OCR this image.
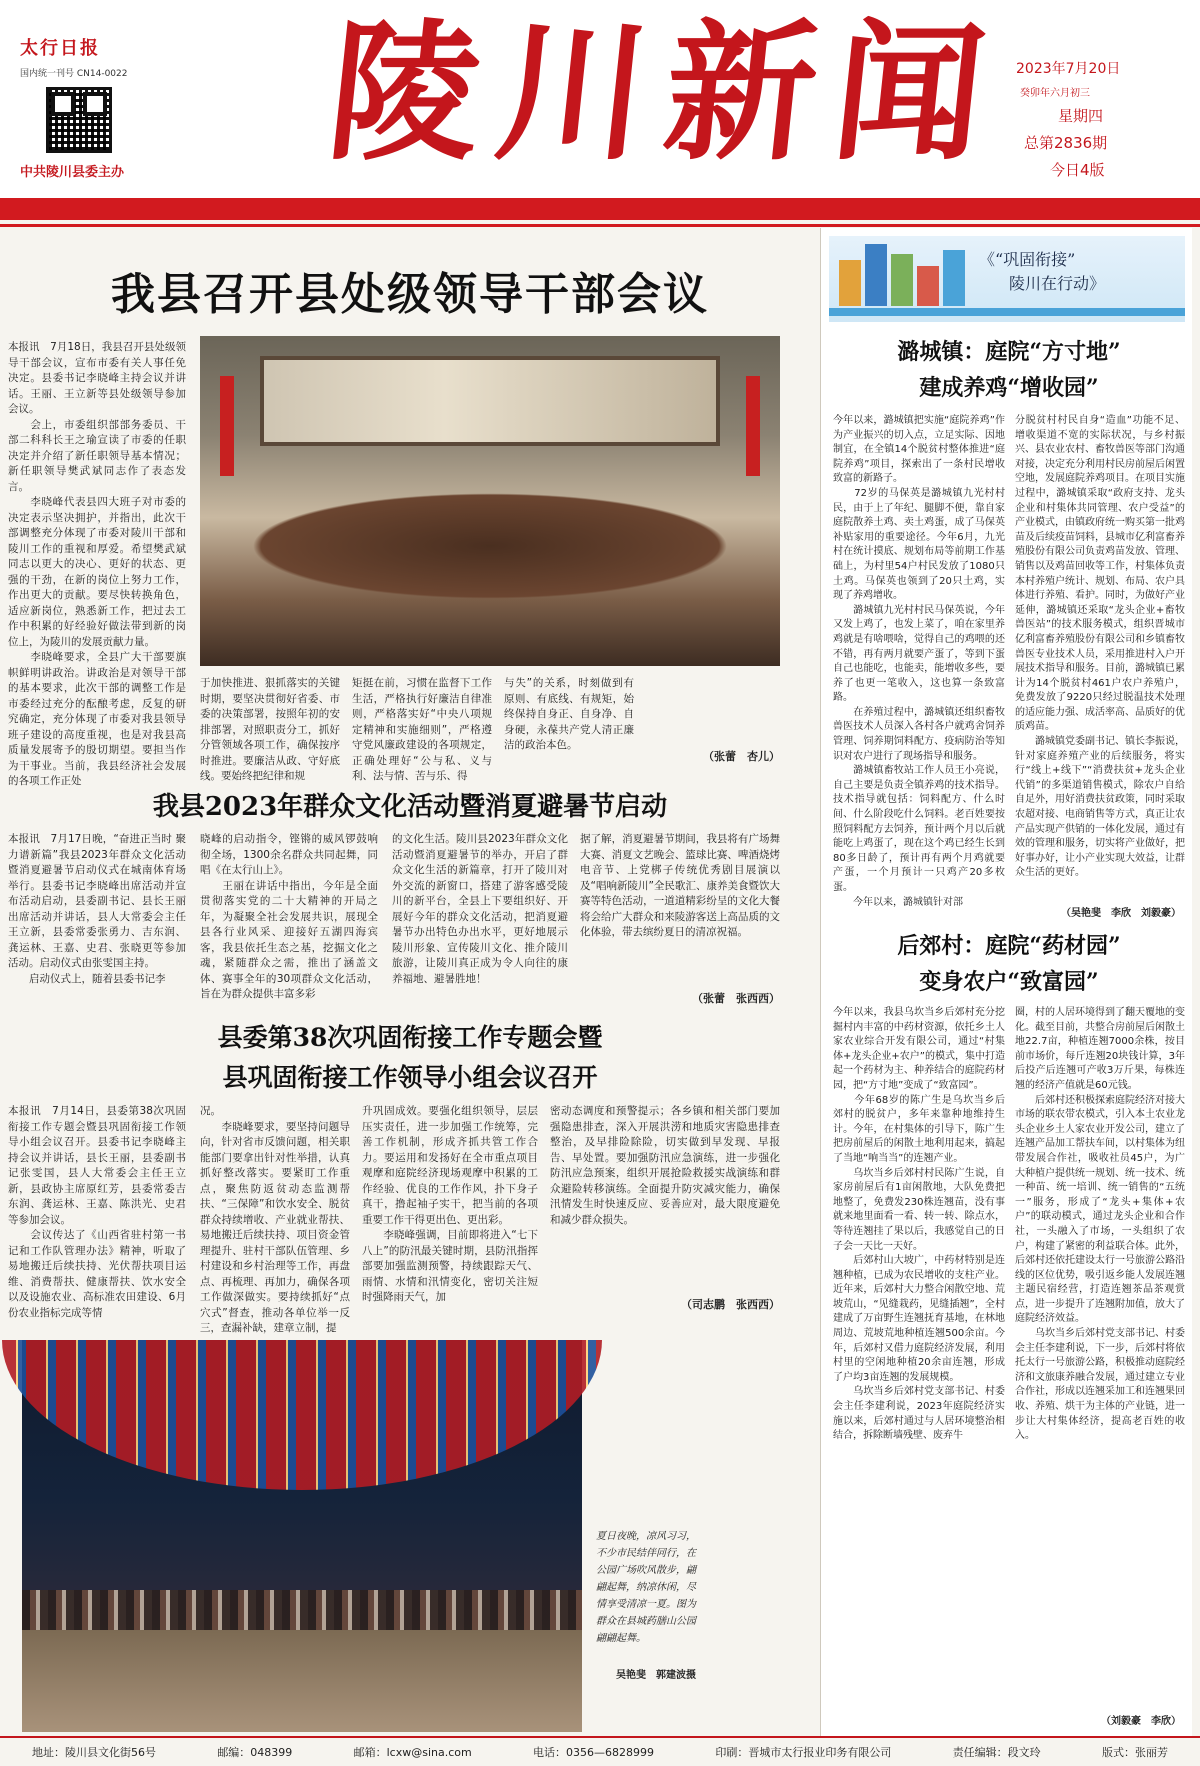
太行日报
国内统一刊号 CN14-0022
中共陵川县委主办 陵川新闻 2023年7月20日
癸卯年六月初三
星期四
总第2836期
今日4版
我县召开县处级领导干部会议
本报讯　7月18日，我县召开县处级领导干部会议，宣布市委有关人事任免决定。县委书记李晓峰主持会议并讲话。王丽、王立新等县处级领导参加会议。
　　会上，市委组织部部务委员、干部二科科长王之瑜宣读了市委的任职决定并介绍了新任职领导基本情况；新任职领导樊武斌同志作了表态发言。
　　李晓峰代表县四大班子对市委的决定表示坚决拥护，并指出，此次干部调整充分体现了市委对陵川干部和陵川工作的重视和厚爱。希望樊武斌同志以更大的决心、更好的状态、更强的干劲，在新的岗位上努力工作，作出更大的贡献。要尽快转换角色，适应新岗位，熟悉新工作，把过去工作中积累的好经验好做法带到新的岗位上，为陵川的发展贡献力量。
　　李晓峰要求，全县广大干部要旗帜鲜明讲政治。讲政治是对领导干部的基本要求，此次干部的调整工作是市委经过充分的酝酿考虑，反复的研究确定，充分体现了市委对我县领导班子建设的高度重视，也是对我县高质量发展寄予的殷切期望。要担当作为干事业。当前，我县经济社会发展的各项工作正处
于加快推进、狠抓落实的关键时期，要坚决贯彻好省委、市委的决策部署，按照年初的安排部署，对照职责分工，抓好分管领域各项工作，确保按序时推进。要廉洁从政、守好底线。要始终把纪律和规
矩挺在前，习惯在监督下工作生活，严格执行好廉洁自律准则，严格落实好“中央八项规定精神和实施细则”，严格遵守党风廉政建设的各项规定，正确处理好“公与私、义与利、法与情、苦与乐、得
与失”的关系，时刻做到有原则、有底线、有规矩，始终保持自身正、自身净、自身硬，永葆共产党人清正廉洁的政治本色。
（张蕾　杏儿）
我县2023年群众文化活动暨消夏避暑节启动
本报讯　7月17日晚，“奋进正当时 聚力谱新篇”我县2023年群众文化活动暨消夏避暑节启动仪式在城南体育场举行。县委书记李晓峰出席活动并宣布活动启动，县委副书记、县长王丽出席活动并讲话，县人大常委会主任王立新，县委常委张勇力、吉东润、龚运林、王嘉、史君、张晓更等参加活动。启动仪式由张雯国主持。
　　启动仪式上，随着县委书记李
晓峰的启动指令，铿锵的威风锣鼓响彻全场，1300余名群众共同起舞，同唱《在太行山上》。
　　王丽在讲话中指出，今年是全面贯彻落实党的二十大精神的开局之年，为凝聚全社会发展共识，展现全县各行业风采、迎接好五湖四海宾客，我县依托生态之基，挖掘文化之魂，紧随群众之需，推出了涵盖文体、赛事全年的30项群众文化活动，旨在为群众提供丰富多彩
的文化生活。陵川县2023年群众文化活动暨消夏避暑节的举办，开启了群众文化生活的新篇章，打开了陵川对外交流的新窗口，搭建了游客感受陵川的新平台，全县上下要组织好、开展好今年的群众文化活动，把消夏避暑节办出特色办出水平，更好地展示陵川形象、宣传陵川文化、推介陵川旅游，让陵川真正成为令人向往的康养福地、避暑胜地！
据了解，消夏避暑节期间，我县将有广场舞大赛、消夏文艺晚会、篮球比赛、啤酒烧烤电音节、上党梆子传统优秀剧目展演以及“唱响新陵川”全民歌汇、康养美食暨饮大赛等特色活动，一道道精彩纷呈的文化大餐将会给广大群众和来陵游客送上高品质的文化体验，带去缤纷夏日的清凉祝福。
（张蕾　张西西）
县委第38次巩固衔接工作专题会暨
县巩固衔接工作领导小组会议召开
本报讯　7月14日，县委第38次巩固衔接工作专题会暨县巩固衔接工作领导小组会议召开。县委书记李晓峰主持会议并讲话，县长王丽，县委副书记张雯国，县人大常委会主任王立新，县政协主席原红芳，县委常委吉东润、龚运林、王嘉、陈洪光、史君等参加会议。
　　会议传达了《山西省驻村第一书记和工作队管理办法》精神，听取了易地搬迁后续扶持、光伏帮扶项目运维、消费帮扶、健康帮扶、饮水安全以及设施农业、高标准农田建设、6月份农业指标完成等情
况。
　　李晓峰要求，要坚持问题导向，针对省市反馈问题，相关职能部门要拿出针对性举措，认真抓好整改落实。要紧盯工作重点，聚焦防返贫动态监测帮扶、“三保障”和饮水安全、脱贫群众持续增收、产业就业帮扶、易地搬迁后续扶持、项目资金管理提升、驻村干部队伍管理、乡村建设和乡村治理等工作，再盘点、再梳理、再加力，确保各项工作做深做实。要持续抓好“点穴式”督查，推动各单位举一反三，查漏补缺，建章立制，提
升巩固成效。要强化组织领导，层层压实责任，进一步加强工作统筹，完善工作机制，形成齐抓共管工作合力。要运用和发扬好在全市重点项目观摩和庭院经济现场观摩中积累的工作经验、优良的工作作风，扑下身子真干，撸起袖子实干，把当前的各项重要工作干得更出色、更出彩。
　　李晓峰强调，目前即将进入“七下八上”的防汛最关键时期，县防汛指挥部要加强监测预警，持续跟踪天气、雨情、水情和汛情变化，密切关注短时强降雨天气，加
密动态调度和预警提示；各乡镇和相关部门要加强隐患排查，深入开展洪涝和地质灾害隐患排查整治，及早排险除险，切实做到早发现、早报告、早处置。要加强防汛应急演练，进一步强化防汛应急预案，组织开展抢险救援实战演练和群众避险转移演练。全面提升防灾减灾能力，确保汛情发生时快速反应、妥善应对，最大限度避免和减少群众损失。
（司志鹏　张西西）
夏日夜晚，凉风习习，不少市民结伴同行，在公园广场吹风散步，翩翩起舞，纳凉休闲，尽情享受清凉一夏。图为群众在县城药膳山公园翩翩起舞。
吴艳斐　郭建波摄
《“巩固衔接”
陵川在行动》
潞城镇：庭院“方寸地”
建成养鸡“增收园”
今年以来，潞城镇把实施“庭院养鸡”作为产业振兴的切入点，立足实际、因地制宜，在全镇14个脱贫村整体推进“庭院养鸡”项目，探索出了一条村民增收致富的新路子。
　　72岁的马保英是潞城镇九光村村民，由于上了年纪、腿脚不便，靠自家庭院散养土鸡、卖土鸡蛋，成了马保英补贴家用的重要途径。今年6月，九光村在统计摸底、规划布局等前期工作基础上，为村里54户村民发放了1080只土鸡。马保英也领到了20只土鸡，实现了养鸡增收。
　　潞城镇九光村村民马保英说，今年又发上鸡了，也发上菜了，咱在家里养鸡就是有啥喂啥，觉得自己的鸡喂的还不错，再有两月就要产蛋了，等到下蛋自己也能吃，也能卖，能增收多些，要养了也更一笔收入，这也算一条致富路。
　　在养殖过程中，潞城镇还组织畜牧兽医技术人员深入各村各户就鸡舍饲养管理、饲养期饲料配方、疫病防治等知识对农户进行了现场指导和服务。
　　潞城镇畜牧站工作人员王小亮说，自己主要是负责全镇养鸡的技术指导。技术指导就包括：饲料配方、什么时间、什么阶段吃什么饲料。老百姓要按照饲料配方去饲养，预计两个月以后就能吃上鸡蛋了，现在这个鸡已经生长到80多日龄了，预计再有两个月鸡就要产蛋，一个月预计一只鸡产20多枚蛋。
　　今年以来，潞城镇针对部
分脱贫村村民自身“造血”功能不足、增收渠道不宽的实际状况，与乡村振兴、县农业农村、畜牧兽医等部门沟通对接，决定充分利用村民房前屋后闲置空地，发展庭院养鸡项目。在项目实施过程中，潞城镇采取“政府支持、龙头企业和村集体共同管理、农户受益”的产业模式，由镇政府统一购买第一批鸡苗及后续疫苗饲料，县城市亿利富畜养殖股份有限公司负责鸡苗发放、管理、销售以及鸡苗回收等工作，村集体负责本村养殖户统计、规划、布局、农户具体进行养殖、看护。同时，为做好产业延伸，潞城镇还采取“龙头企业+畜牧兽医站”的技术服务模式，组织晋城市亿利富畜养殖股份有限公司和乡镇畜牧兽医专业技术人员，采用推进村入户开展技术指导和服务。目前，潞城镇已累计为14个脱贫村461户农户养殖户，免费发放了9220只经过脱温技术处理的适应能力强、成活率高、品质好的优质鸡苗。
　　潞城镇党委副书记、镇长李振说，针对家庭养殖产业的后续服务，将实行“线上+线下”“消费扶贫+龙头企业代销”的多渠道销售模式，除农户自给自足外，用好消费扶贫政策，同时采取农超对接、电商销售等方式，真正让农产品实现产供销的一体化发展，通过有效的管理和服务，切实将产业做好，把好事办好，让小产业实现大效益，让群众生活的更好。
（吴艳斐　李欣　刘毅豪）
后郊村：庭院“药材园”
变身农户“致富园”
今年以来，我县乌坎当乡后郊村充分挖掘村内丰富的中药材资源，依托乡土人家农业综合开发有限公司，通过“村集体+龙头企业+农户”的模式，集中打造起一个药材为主、种养结合的庭院药材园，把“方寸地”变成了“致富园”。
　　今年68岁的陈广生是乌坎当乡后郊村的脱贫户，多年来靠种地维持生计。今年，在村集体的引导下，陈广生把房前屋后的闲散土地利用起来，搞起了当地“响当当”的连翘产业。
　　乌坎当乡后郊村村民陈广生说，自家房前屋后有1亩闲散地，大队免费把地整了，免费发230株连翘苗，没有事就来地里面看一看、转一转、除点水，等待连翘挂了果以后，我感觉自己的日子会一天比一天好。
　　后郊村山大坡广，中药材特别是连翘种植，已成为农民增收的支柱产业。近年来，后郊村大力整合闲散空地、荒坡荒山，“见缝栽药，见缝插翘”，全村建成了万亩野生连翘抚育基地，在林地周边、荒坡荒地种植连翘500余亩。今年，后郊村又借力庭院经济发展，利用村里的空闲地种植20余亩连翘，形成了户均3亩连翘的发展规模。
　　乌坎当乡后郊村党支部书记、村委会主任李建利说，2023年庭院经济实施以来，后郊村通过与人居环境整治相结合，拆除断墙残壁、废弃牛
圈，村的人居环境得到了翻天覆地的变化。截至目前，共整合房前屋后闲散土地22.7亩，种植连翘7000余株，按目前市场价，每斤连翘20块钱计算，3年后投产后连翘可产收3万斤果，每株连翘的经济产值就是60元钱。
　　后郊村还积极探索庭院经济对接大市场的联农带农模式，引入本土农业龙头企业乡土人家农业开发公司，建立了连翘产品加工帮扶车间，以村集体为纽带发展合作社，吸收社员45户，为广大种植户提供统一规划、统一技术、统一种苗、统一培训、统一销售的“五统一”服务，形成了“龙头+集体+农户”的联动模式，通过龙头企业和合作社，一头融入了市场，一头组织了农户，构建了紧密的利益联合体。此外，后郊村还依托建设太行一号旅游公路沿线的区位优势，吸引返乡能人发展连翘主题民宿经营，打造连翘茶品茶观赏点，进一步提升了连翘附加值，放大了庭院经济效益。
　　乌坎当乡后郊村党支部书记、村委会主任李建利说，下一步，后郊村将依托太行一号旅游公路，积极推动庭院经济和文旅康养融合发展，通过建立专业合作社，形成以连翘采加工和连翘果回收、养殖、烘干为主体的产业链，进一步让大村集体经济，提高老百姓的收入。
（刘毅豪　李欣）
地址：陵川县文化街56号	邮编：048399	邮箱：lcxw@sina.com	电话：0356—6828999	印刷：晋城市太行报业印务有限公司	责任编辑：段文玲	版式：张丽芳
